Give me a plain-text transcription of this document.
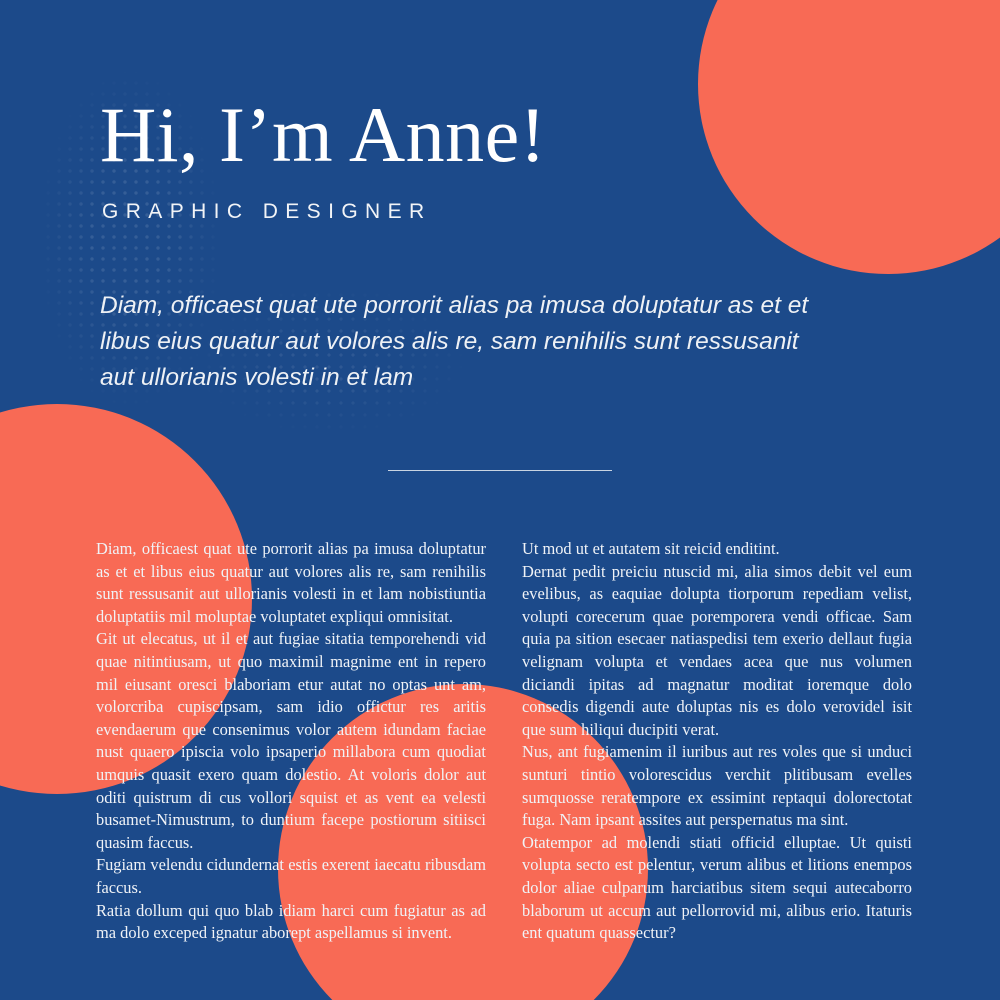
Hi, I’m Anne!
GRAPHIC DESIGNER
Diam, officaest quat ute porrorit alias pa imusa doluptatur as et et libus eius quatur aut volores alis re, sam renihilis sunt ressusanit aut ullorianis volesti in et lam

Diam, officaest quat ute porrorit alias pa imusa doluptatur as et et libus eius quatur aut volores alis re, sam renihilis sunt ressusanit aut ullorianis volesti in et lam nobistiuntia doluptatiis mil moluptae voluptatet expliqui omnisitat.

Git ut elecatus, ut il et aut fugiae sitatia temporehendi vid quae nitintiusam, ut quo maximil magnime ent in repero mil eiusant oresci blaboriam etur autat no optas unt am, volorcriba cupiscipsam, sam idio offictur res aritis evendaerum que consenimus volor autem idundam faciae nust quaero ipiscia volo ipsaperio millabora cum quodiat umquis quasit exero quam dolestio. At voloris dolor aut oditi quistrum di cus vollori squist et as vent ea velesti busamet-Nimustrum, to duntium facepe postiorum sitiisci quasim faccus.

Fugiam velendu cidundernat estis exerent iaecatu ribusdam faccus.

Ratia dollum qui quo blab idiam harci cum fugiatur as ad ma dolo exceped ignatur aborept aspellamus si invent.

Ut mod ut et autatem sit reicid enditint.

Dernat pedit preiciu ntuscid mi, alia simos debit vel eum evelibus, as eaquiae dolupta tiorporum repediam velist, volupti corecerum quae poremporera vendi officae. Sam quia pa sition esecaer natiaspedisi tem exerio dellaut fugia velignam volupta et vendaes acea que nus volumen diciandi ipitas ad magnatur moditat ioremque dolo consedis digendi aute doluptas nis es dolo verovidel isit que sum hiliqui ducipiti verat.

Nus, ant fugiamenim il iuribus aut res voles que si unduci sunturi tintio volorescidus verchit plitibusam evelles sumquosse reratempore ex essimint reptaqui dolorectotat fuga. Nam ipsant assites aut perspernatus ma sint.

Otatempor ad molendi stiati officid elluptae. Ut quisti volupta secto est pelentur, verum alibus et litions enempos dolor aliae culparum harciatibus sitem sequi autecaborro blaborum ut accum aut pellorrovid mi, alibus erio. Itaturis ent quatum quassectur?
